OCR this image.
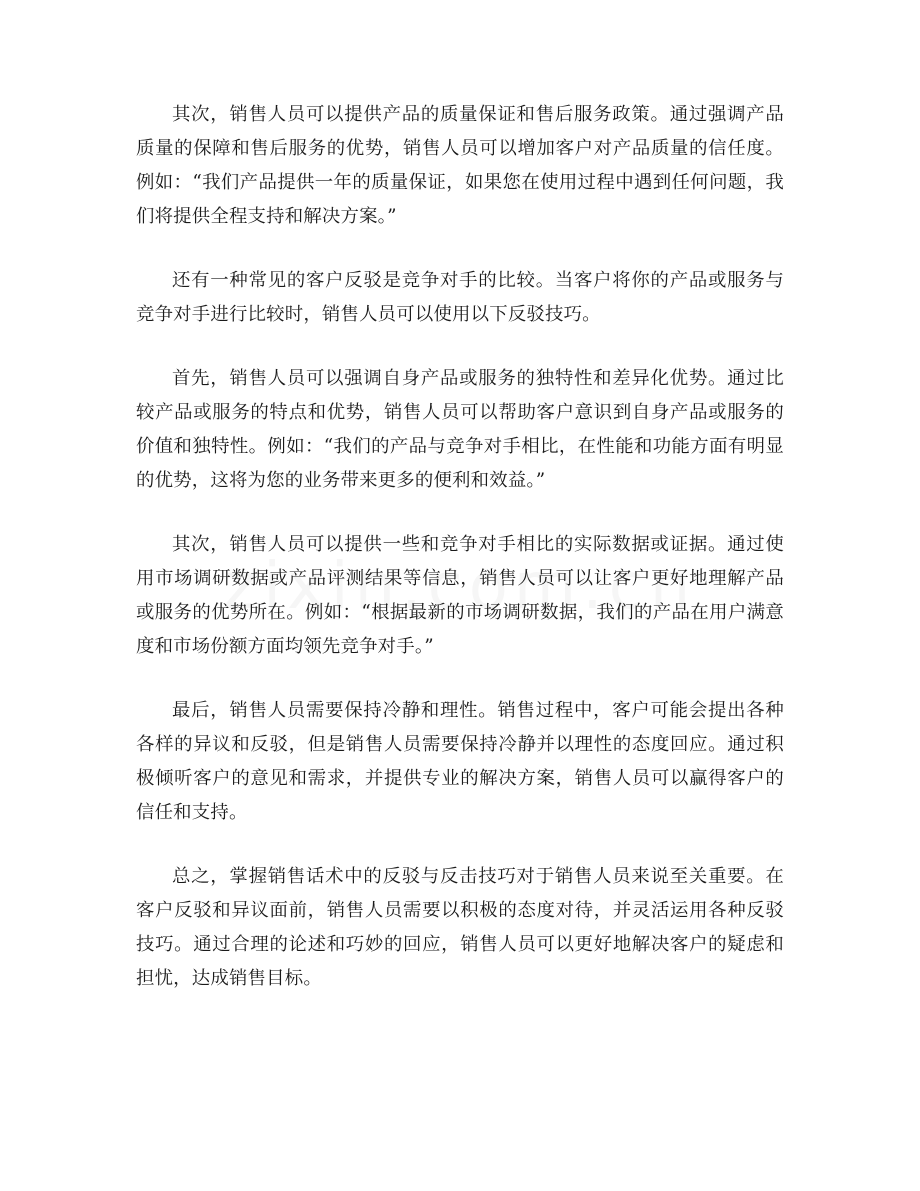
其次，销售人员可以提供产品的质量保证和售后服务政策。通过强调产品质量的保障和售后服务的优势，销售人员可以增加客户对产品质量的信任度。例如：“我们产品提供一年的质量保证，如果您在使用过程中遇到任何问题，我们将提供全程支持和解决方案。”

还有一种常见的客户反驳是竞争对手的比较。当客户将你的产品或服务与竞争对手进行比较时，销售人员可以使用以下反驳技巧。

首先，销售人员可以强调自身产品或服务的独特性和差异化优势。通过比较产品或服务的特点和优势，销售人员可以帮助客户意识到自身产品或服务的价值和独特性。例如：“我们的产品与竞争对手相比，在性能和功能方面有明显的优势，这将为您的业务带来更多的便利和效益。”

其次，销售人员可以提供一些和竞争对手相比的实际数据或证据。通过使用市场调研数据或产品评测结果等信息，销售人员可以让客户更好地理解产品或服务的优势所在。例如：“根据最新的市场调研数据，我们的产品在用户满意度和市场份额方面均领先竞争对手。”

最后，销售人员需要保持冷静和理性。销售过程中，客户可能会提出各种各样的异议和反驳，但是销售人员需要保持冷静并以理性的态度回应。通过积极倾听客户的意见和需求，并提供专业的解决方案，销售人员可以赢得客户的信任和支持。

总之，掌握销售话术中的反驳与反击技巧对于销售人员来说至关重要。在客户反驳和异议面前，销售人员需要以积极的态度对待，并灵活运用各种反驳技巧。通过合理的论述和巧妙的回应，销售人员可以更好地解决客户的疑虑和担忧，达成销售目标。
